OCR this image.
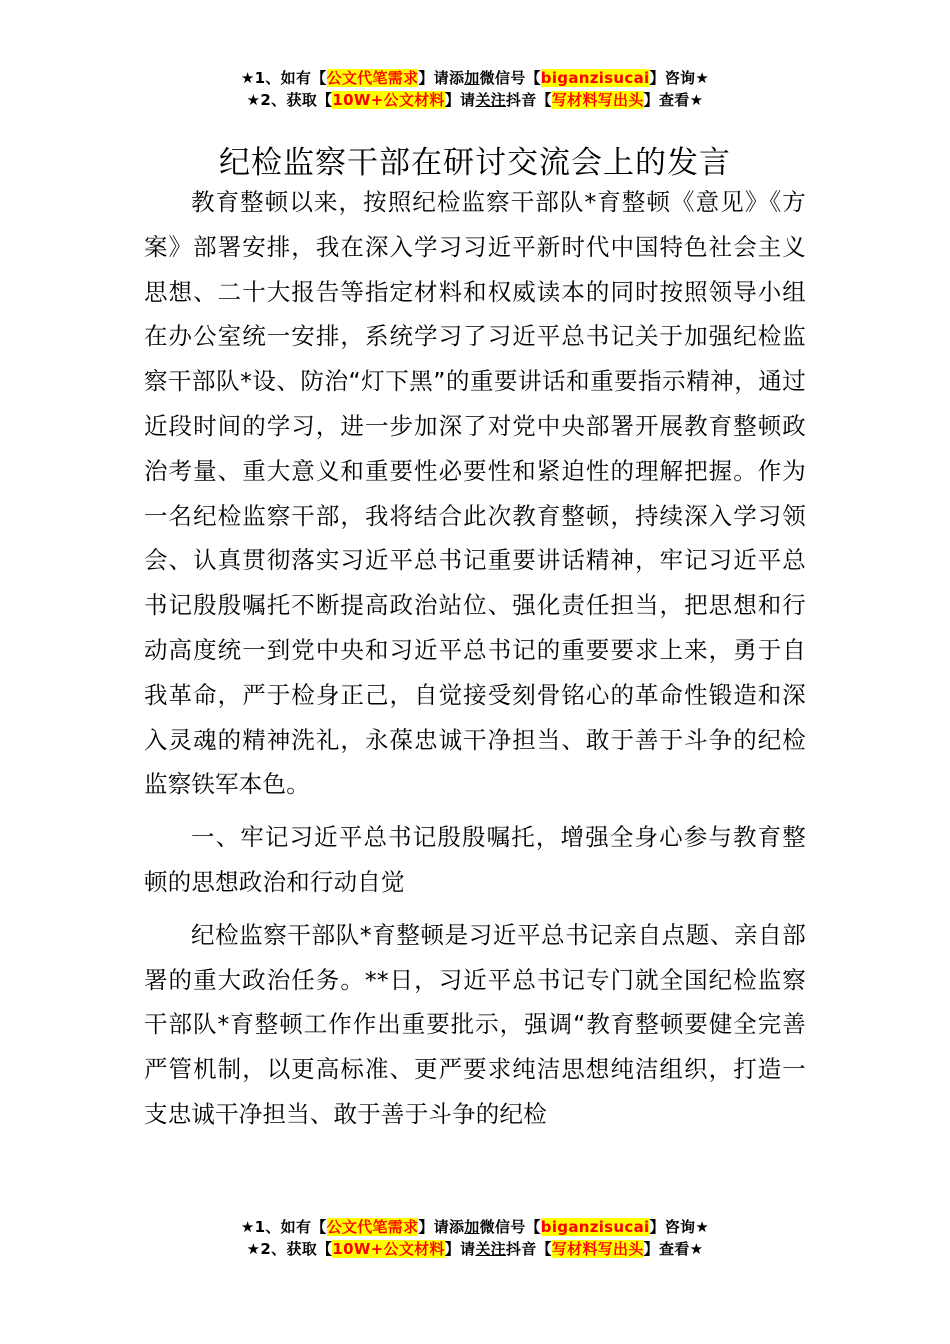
★1、如有【公文代笔需求】请添加微信号【biganzisucai】咨询★
★2、获取【10W+公文材料】请关注抖音【写材料写出头】查看★
纪检监察干部在研讨交流会上的发言

教育整顿以来，按照纪检监察干部队*育整顿《意见》《方案》部署安排，我在深入学习习近平新时代中国特色社会主义思想、二十大报告等指定材料和权威读本的同时按照领导小组在办公室统一安排，系统学习了习近平总书记关于加强纪检监察干部队*设、防治“灯下黑”的重要讲话和重要指示精神，通过近段时间的学习，进一步加深了对党中央部署开展教育整顿政治考量、重大意义和重要性必要性和紧迫性的理解把握。作为一名纪检监察干部，我将结合此次教育整顿，持续深入学习领会、认真贯彻落实习近平总书记重要讲话精神，牢记习近平总书记殷殷嘱托不断提高政治站位、强化责任担当，把思想和行动高度统一到党中央和习近平总书记的重要要求上来，勇于自我革命，严于检身正己，自觉接受刻骨铭心的革命性锻造和深入灵魂的精神洗礼，永葆忠诚干净担当、敢于善于斗争的纪检监察铁军本色。

一、牢记习近平总书记殷殷嘱托，增强全身心参与教育整顿的思想政治和行动自觉

纪检监察干部队*育整顿是习近平总书记亲自点题、亲自部署的重大政治任务。**日，习近平总书记专门就全国纪检监察干部队*育整顿工作作出重要批示，强调“教育整顿要健全完善严管机制，以更高标准、更严要求纯洁思想纯洁组织，打造一支忠诚干净担当、敢于善于斗争的纪检

★1、如有【公文代笔需求】请添加微信号【biganzisucai】咨询★
★2、获取【10W+公文材料】请关注抖音【写材料写出头】查看★
